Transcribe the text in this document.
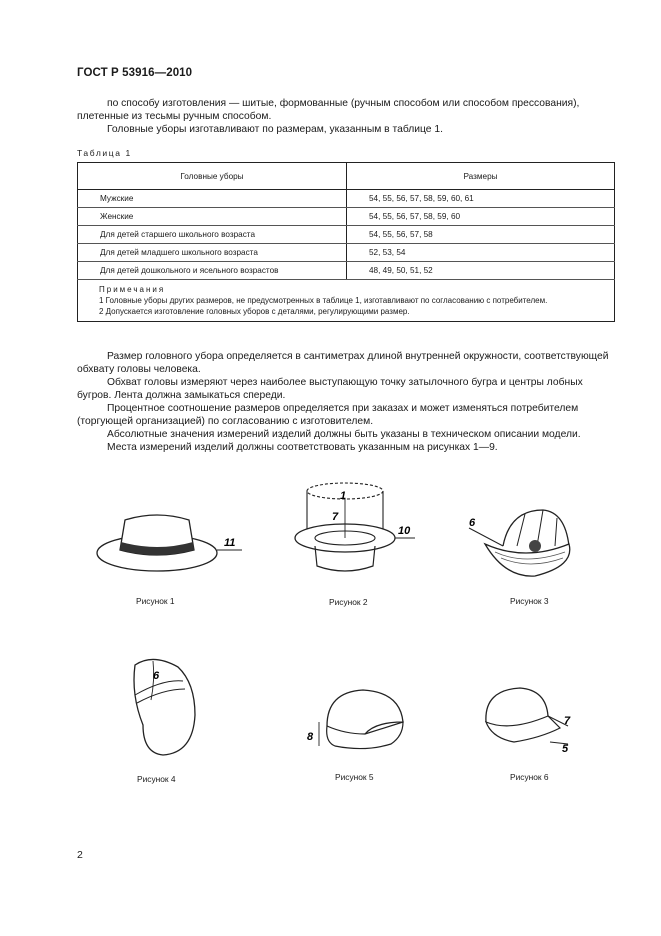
ГОСТ Р 53916—2010
по способу изготовления — шитые, формованные (ручным способом или способом прессования), плетенные из тесьмы ручным способом.
Головные уборы изготавливают по размерам, указанным в таблице 1.
Таблица 1
Головные уборы	Размеры
Мужские	54, 55, 56, 57, 58, 59, 60, 61
Женские	54, 55, 56, 57, 58, 59, 60
Для детей старшего школьного возраста	54, 55, 56, 57, 58
Для детей младшего школьного возраста	52, 53, 54
Для детей дошкольного и ясельного возрастов	48, 49, 50, 51, 52

Примечания
1 Головные уборы других размеров, не предусмотренных в таблице 1, изготавливают по согласованию с потребителем.
2 Допускается изготовление головных уборов с деталями, регулирующими размер.	
Размер головного убора определяется в сантиметрах длиной внутренней окружности, соответствующей обхвату головы человека.
Обхват головы измеряют через наиболее выступающую точку затылочного бугра и центры лобных бугров. Лента должна замыкаться спереди.
Процентное соотношение размеров определяется при заказах и может изменяться потребителем (торгующей организацией) по согласованию с изготовителем.
Абсолютные значения измерений изделий должны быть указаны в техническом описании модели.
Места измерений изделий должны соответствовать указанным на рисунках 1—9.
11
1
7
10
6
6
8
7
5
Рисунок 1	Рисунок 2	Рисунок 3
Рисунок 4	Рисунок 5	Рисунок 6
2
